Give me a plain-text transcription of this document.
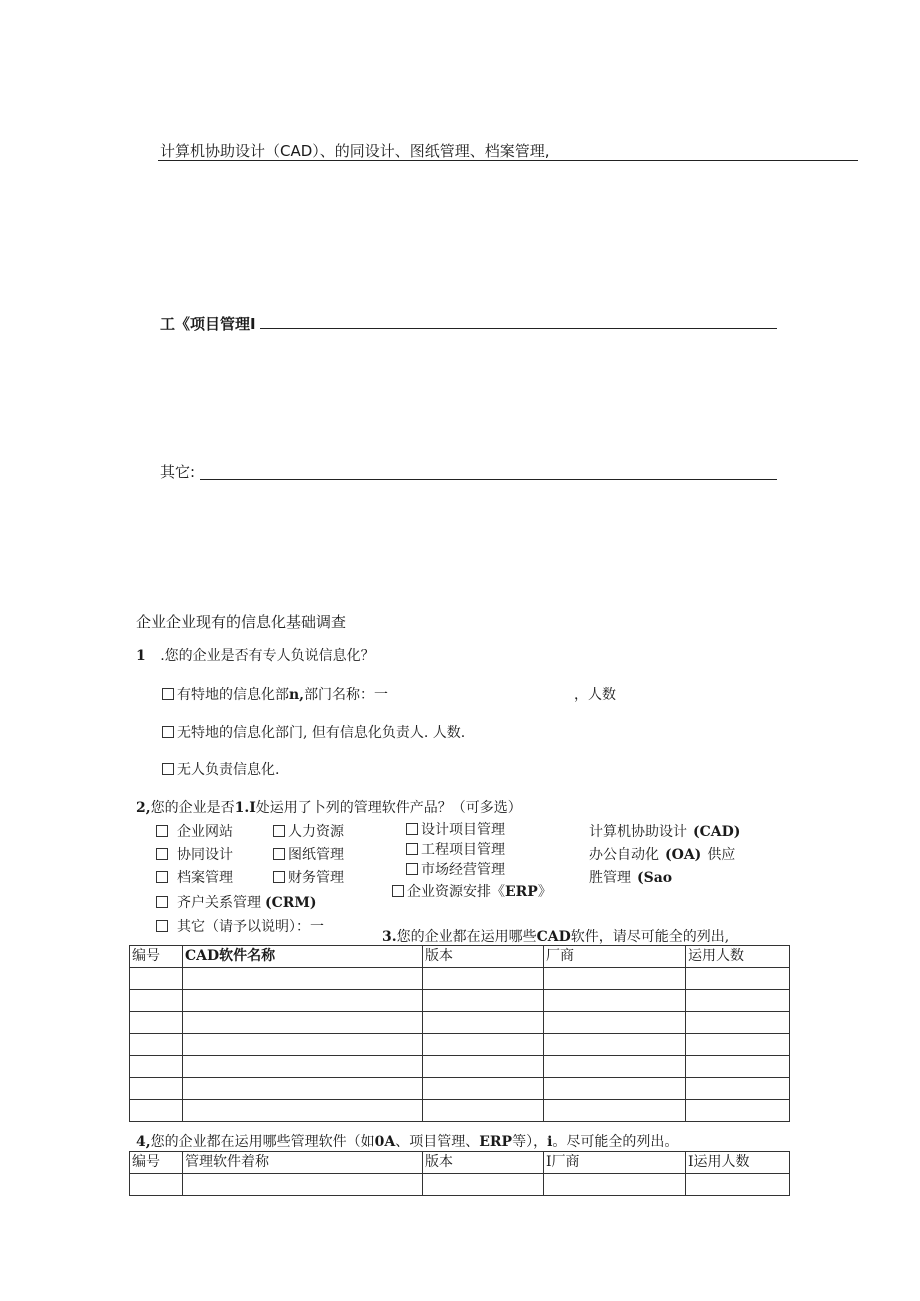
计算机协助设计（CAD）、的同设计、图纸管理、档案管理,
工《项目管理I
其它:
企业企业现有的信息化基础调查
1 .您的企业是否有专人负说信息化？
有特地的信息化部n,部门名称：一	，人数
无特地的信息化部门, 但有信息化负责人. 人数.
无人负责信息化.
2,您的企业是否1.I处运用了卜列的管理软件产品？（可多选）
企业网站
协同设计
档案管理
齐户关系管理 (CRM)
其它（请予以说明）：一
人力资源
图纸管理
财务管理
设计项目管理
工程项目管理
市场经营管理
企业资源安排《ERP》
计算机协助设计 (CAD)
办公自动化 (OA) 供应
胜管理 (Sao
3.您的企业都在运用哪些CAD软件，请尽可能全的列出,
编号	CAD软件名称	版本	厂商	运用人数

4,您的企业都在运用哪些管理软件（如0A、项目管理、ERP等），i。尽可能全的列出。
编号	管理软件着称	版本	I厂商	I运用人数
